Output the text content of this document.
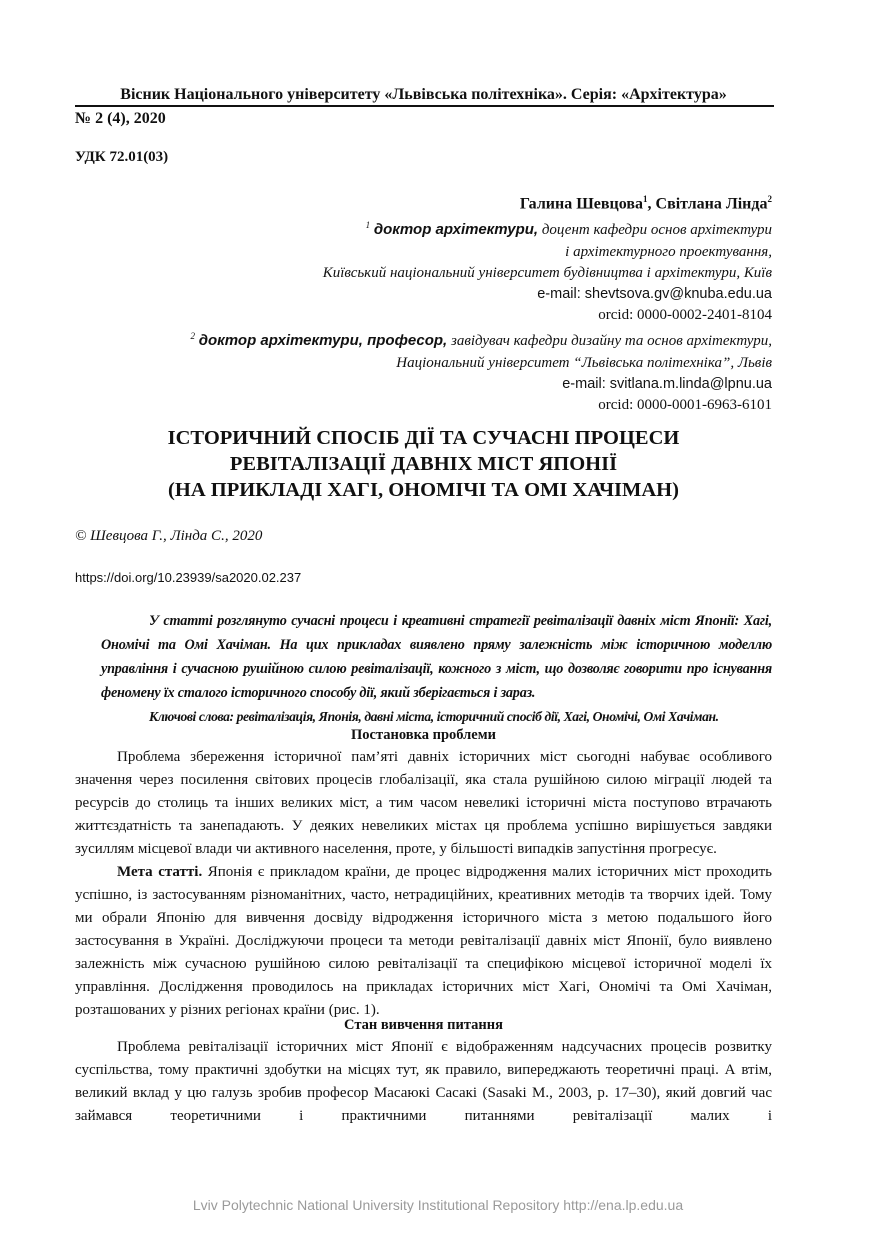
Вісник Національного університету «Львівська політехніка». Серія: «Архітектура»
№ 2 (4), 2020
УДК 72.01(03)
Галина Шевцова$^1$, Світлана Лінда$^2$
$^1$ доктор архітектури, доцент кафедри основ архітектури
і архітектурного проектування,
Київський національний університет будівництва і архітектури, Київ
e-mail: shevtsova.gv@knuba.edu.ua
orcid: 0000-0002-2401-8104
$^2$ доктор архітектури, професор, завідувач кафедри дизайну та основ архітектури,
Національний університет “Львівська політехніка”, Львів
e-mail: svitlana.m.linda@lpnu.ua
orcid: 0000-0001-6963-6101
ІСТОРИЧНИЙ СПОСІБ ДІЇ ТА СУЧАСНІ ПРОЦЕСИ
РЕВІТАЛІЗАЦІЇ ДАВНІХ МІСТ ЯПОНІЇ
(НА ПРИКЛАДІ ХАГІ, ОНОМІЧІ ТА ОМІ ХАЧІМАН)
© Шевцова Г., Лінда С., 2020
https://doi.org/10.23939/sa2020.02.237

У статті розглянуто сучасні процеси і креативні стратегії ревіталізації давніх міст Японії: Хагі, Ономічі та Омі Хачіман. На цих прикладах виявлено пряму залежність між історичною моделлю управління і сучасною рушійною силою ревіталізації, кожного з міст, що дозволяє говорити про існування феномену їх сталого історичного способу дії, який зберігається і зараз.

Ключові слова: ревіталізація, Японія, давні міста, історичний спосіб дії, Хагі, Ономічі, Омі Хачіман.

Постановка проблеми

Проблема збереження історичної пам’яті давніх історичних міст сьогодні набуває особливого значення через посилення світових процесів глобалізації, яка стала рушійною силою міграції людей та ресурсів до столиць та інших великих міст, а тим часом невеликі історичні міста поступово втрачають життєздатність та занепадають. У деяких невеликих містах ця проблема успішно вирішується завдяки зусиллям місцевої влади чи активного населення, проте, у більшості випадків запустіння прогресує.

Мета статті. Японія є прикладом країни, де процес відродження малих історичних міст проходить успішно, із застосуванням різноманітних, часто, нетрадиційних, креативних методів та творчих ідей. Тому ми обрали Японію для вивчення досвіду відродження історичного міста з метою подальшого його застосування в Україні. Досліджуючи процеси та методи ревіталізації давніх міст Японії, було виявлено залежність між сучасною рушійною силою ревіталізації та специфікою місцевої історичної моделі їх управління. Дослідження проводилось на прикладах історичних міст Хагі, Ономічі та Омі Хачіман, розташованих у різних регіонах країни (рис. 1).

Стан вивчення питання

Проблема ревіталізації історичних міст Японії є відображенням надсучасних процесів розвитку суспільства, тому практичні здобутки на місцях тут, як правило, випереджають теоретичні праці. А втім, великий вклад у цю галузь зробив професор Масаюкі Сасакі (Sasaki M., 2003, p. 17–30), який довгий час займався теоретичними і практичними питаннями ревіталізації малих і

Lviv Polytechnic National University Institutional Repository http://ena.lp.edu.ua
